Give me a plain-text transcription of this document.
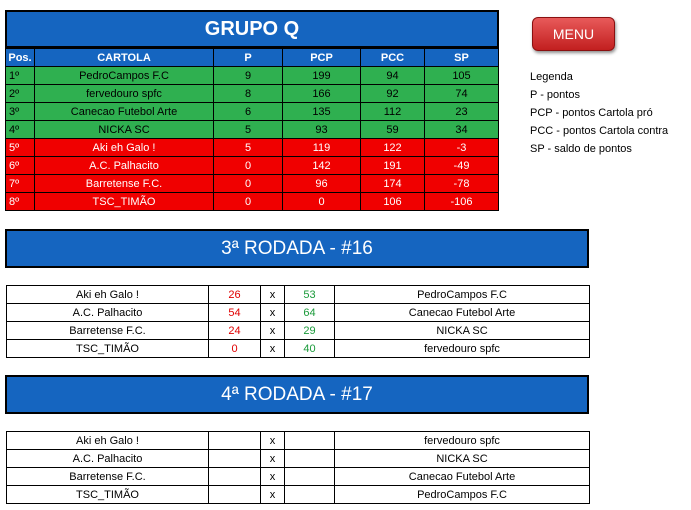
GRUPO Q
Pos.	CARTOLA	P	PCP	PCC	SP
1º	PedroCampos F.C	9	199	94	105
2º	fervedouro spfc	8	166	92	74
3º	Canecao Futebol Arte	6	135	112	23
4º	NICKA SC	5	93	59	34
5º	Aki eh Galo !	5	119	122	-3
6º	A.C. Palhacito	0	142	191	-49
7º	Barretense F.C.	0	96	174	-78
8º	TSC_TIMÃO	0	0	106	-106
MENU
Legenda
P - pontos
PCP - pontos Cartola pró
PCC - pontos Cartola contra
SP - saldo de pontos
3ª RODADA - #16
Aki eh Galo !	26	x	53	PedroCampos F.C
A.C. Palhacito	54	x	64	Canecao Futebol Arte
Barretense F.C.	24	x	29	NICKA SC
TSC_TIMÃO	0	x	40	fervedouro spfc
4ª RODADA - #17
Aki eh Galo !		x		fervedouro spfc
A.C. Palhacito		x		NICKA SC
Barretense F.C.		x		Canecao Futebol Arte
TSC_TIMÃO		x		PedroCampos F.C
